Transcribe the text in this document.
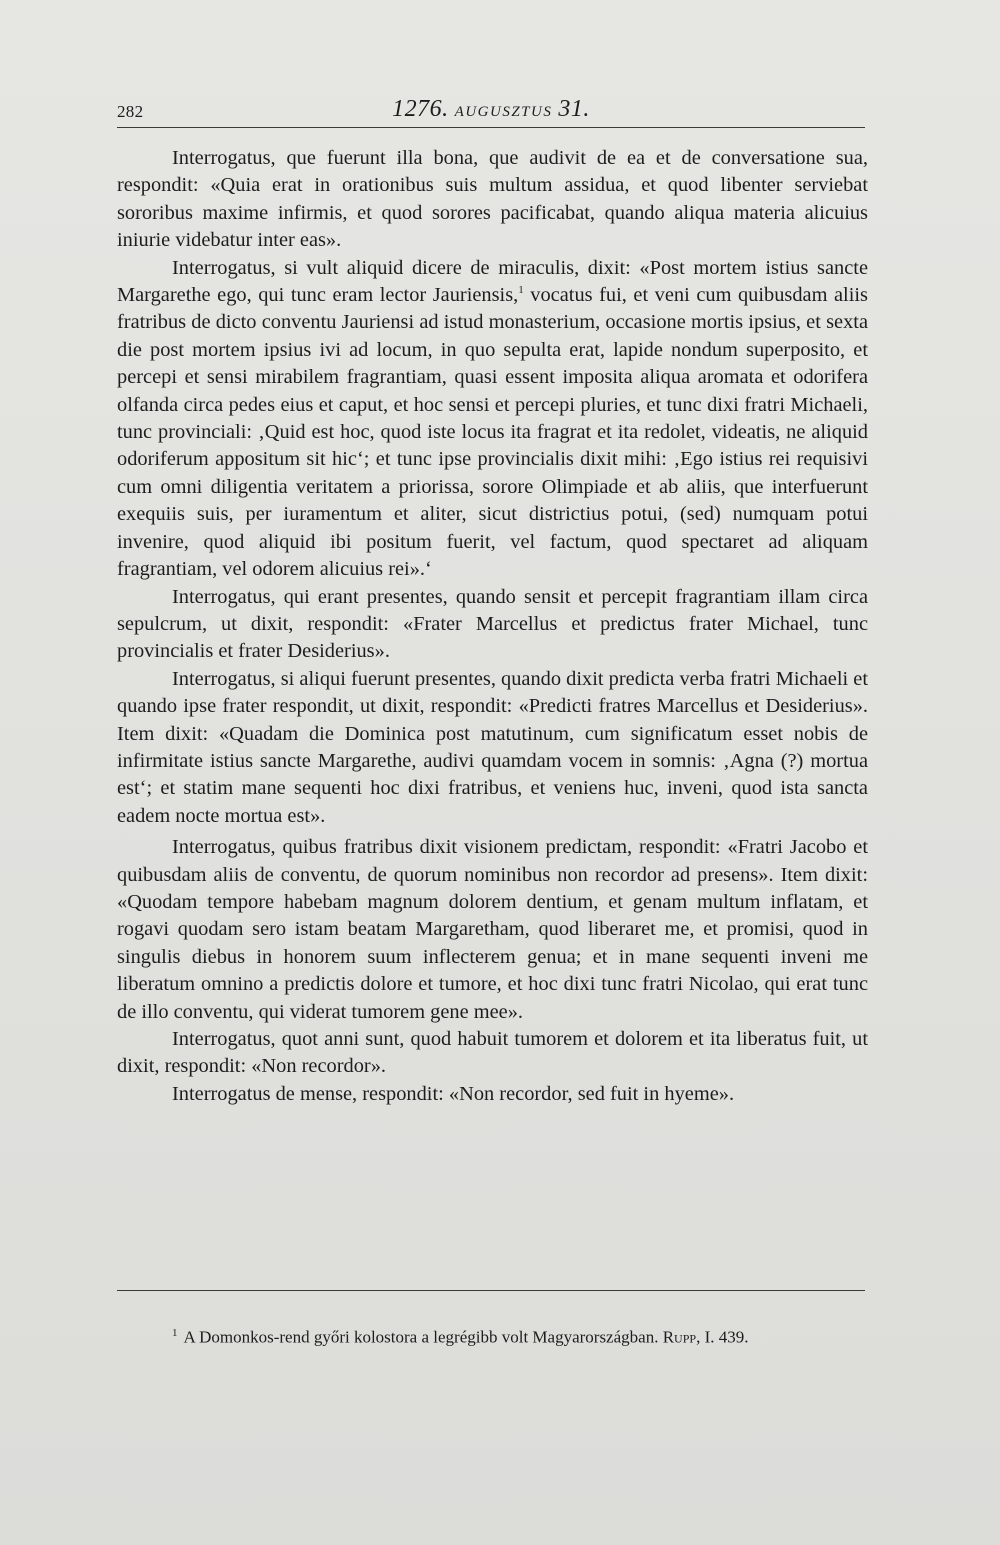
282	1276. AUGUSZTUS 31.

Interrogatus, que fuerunt illa bona, que audivit de ea et de conversatione sua, respondit: «Quia erat in orationibus suis multum assidua, et quod libenter serviebat sororibus maxime infirmis, et quod sorores pacificabat, quando aliqua materia alicuius iniurie videbatur inter eas».

Interrogatus, si vult aliquid dicere de miraculis, dixit: «Post mortem istius sancte Margarethe ego, qui tunc eram lector Jauriensis,$^1$ vocatus fui, et veni cum quibusdam aliis fratribus de dicto conventu Jauriensi ad istud monasterium, occasione mortis ipsius, et sexta die post mortem ipsius ivi ad locum, in quo sepulta erat, lapide nondum superposito, et percepi et sensi mirabilem fragrantiam, quasi essent imposita aliqua aromata et odorifera olfanda circa pedes eius et caput, et hoc sensi et percepi pluries, et tunc dixi fratri Michaeli, tunc provinciali: ‚Quid est hoc, quod iste locus ita fragrat et ita redolet, videatis, ne aliquid odoriferum appositum sit hic‘; et tunc ipse provincialis dixit mihi: ‚Ego istius rei requisivi cum omni diligentia veritatem a priorissa, sorore Olimpiade et ab aliis, que interfuerunt exequiis suis, per iuramentum et aliter, sicut districtius potui, (sed) numquam potui invenire, quod aliquid ibi positum fuerit, vel factum, quod spectaret ad aliquam fragrantiam, vel odorem alicuius rei».‘

Interrogatus, qui erant presentes, quando sensit et percepit fragrantiam illam circa sepulcrum, ut dixit, respondit: «Frater Marcellus et predictus frater Michael, tunc provincialis et frater Desiderius».

Interrogatus, si aliqui fuerunt presentes, quando dixit predicta verba fratri Michaeli et quando ipse frater respondit, ut dixit, respondit: «Predicti fratres Marcellus et Desiderius». Item dixit: «Quadam die Dominica post matutinum, cum significatum esset nobis de infirmitate istius sancte Margarethe, audivi quamdam vocem in somnis: ‚Agna (?) mortua est‘; et statim mane sequenti hoc dixi fratribus, et veniens huc, inveni, quod ista sancta eadem nocte mortua est».

Interrogatus, quibus fratribus dixit visionem predictam, respondit: «Fratri Jacobo et quibusdam aliis de conventu, de quorum nominibus non recordor ad presens». Item dixit: «Quodam tempore habebam magnum dolorem dentium, et genam multum inflatam, et rogavi quodam sero istam beatam Margaretham, quod liberaret me, et promisi, quod in singulis diebus in honorem suum inflecterem genua; et in mane sequenti inveni me liberatum omnino a predictis dolore et tumore, et hoc dixi tunc fratri Nicolao, qui erat tunc de illo conventu, qui viderat tumorem gene mee».

Interrogatus, quot anni sunt, quod habuit tumorem et dolorem et ita liberatus fuit, ut dixit, respondit: «Non recordor».

Interrogatus de mense, respondit: «Non recordor, sed fuit in hyeme».

$^1$ A Domonkos-rend győri kolostora a legrégibb volt Magyarországban. Rupp, I. 439.
